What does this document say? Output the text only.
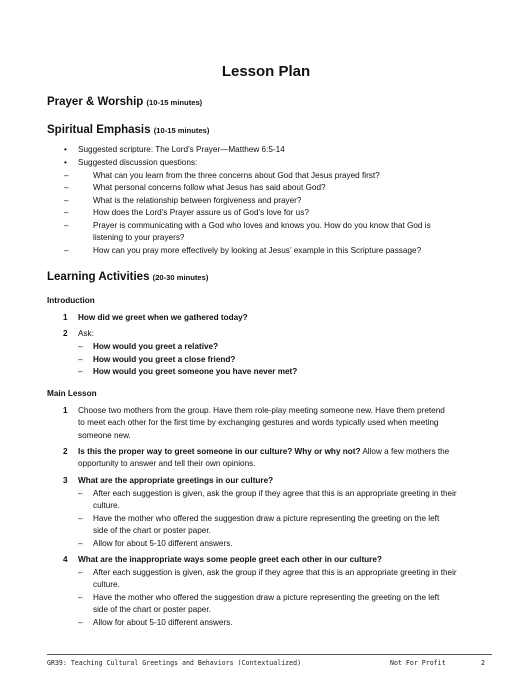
Lesson Plan
Prayer & Worship (10-15 minutes)
Spiritual Emphasis (10-15 minutes)
• Suggested scripture: The Lord’s Prayer—Matthew 6:5-14
• Suggested discussion questions:
–	What can you learn from the three concerns about God that Jesus prayed first?
–	What personal concerns follow what Jesus has said about God?
–	What is the relationship between forgiveness and prayer?
–	How does the Lord’s Prayer assure us of God’s love for us?
–	Prayer is communicating with a God who loves and knows you. How do you know that God is
listening to your prayers?
–	How can you pray more effectively by looking at Jesus’ example in this Scripture passage?
Learning Activities (20-30 minutes)
Introduction
1 How did we greet when we gathered today?
2 Ask:
– How would you greet a relative?
– How would you greet a close friend?
– How would you greet someone you have never met?
Main Lesson
1 Choose two mothers from the group. Have them role-play meeting someone new. Have them pretend
to meet each other for the first time by exchanging gestures and words typically used when meeting
someone new.
2 Is this the proper way to greet someone in our culture? Why or why not? Allow a few mothers the
opportunity to answer and tell their own opinions.
3 What are the appropriate greetings in our culture?
– After each suggestion is given, ask the group if they agree that this is an appropriate greeting in their
culture.
– Have the mother who offered the suggestion draw a picture representing the greeting on the left
side of the chart or poster paper.
– Allow for about 5-10 different answers.
4 What are the inappropriate ways some people greet each other in our culture?
– After each suggestion is given, ask the group if they agree that this is an appropriate greeting in their
culture.
– Have the mother who offered the suggestion draw a picture representing the greeting on the left
side of the chart or poster paper.
– Allow for about 5-10 different answers.
GR39: Teaching Cultural Greetings and Behaviors (Contextualized)	Not For Profit	2
